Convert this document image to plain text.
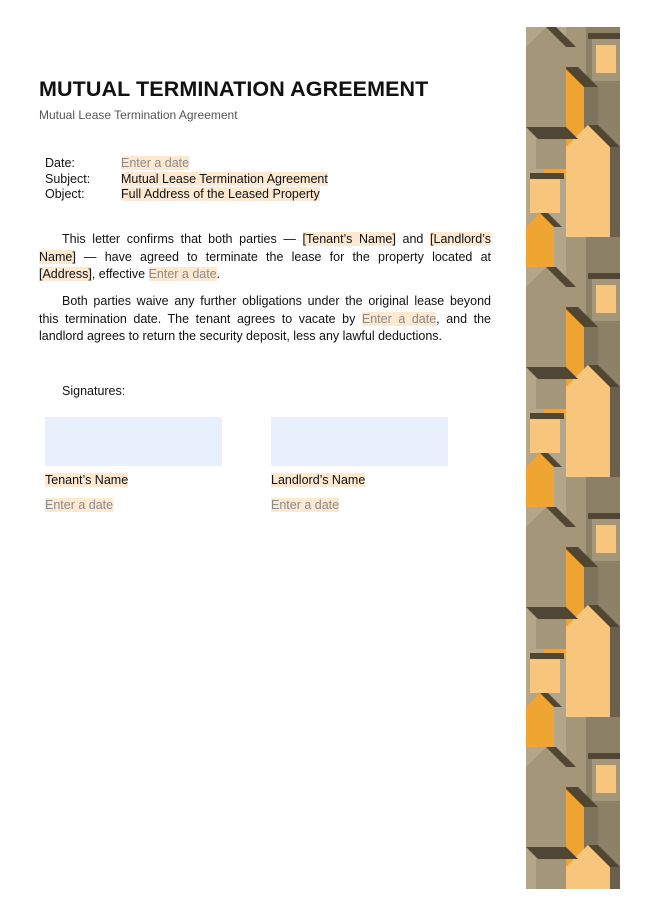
MUTUAL TERMINATION AGREEMENT
Mutual Lease Termination Agreement
Date:	Enter a date
Subject: Mutual Lease Termination Agreement
Object:	Full Address of the Leased Property

This letter confirms that both parties — [Tenant’s Name] and [Landlord’s Name] — have agreed to terminate the lease for the property located at [Address], effective Enter a date.

Both parties waive any further obligations under the original lease beyond this termination date. The tenant agrees to vacate by Enter a date, and the landlord agrees to return the security deposit, less any lawful deductions.

Signatures:
Tenant’s Name	Landlord’s Name
Enter a date	Enter a date
